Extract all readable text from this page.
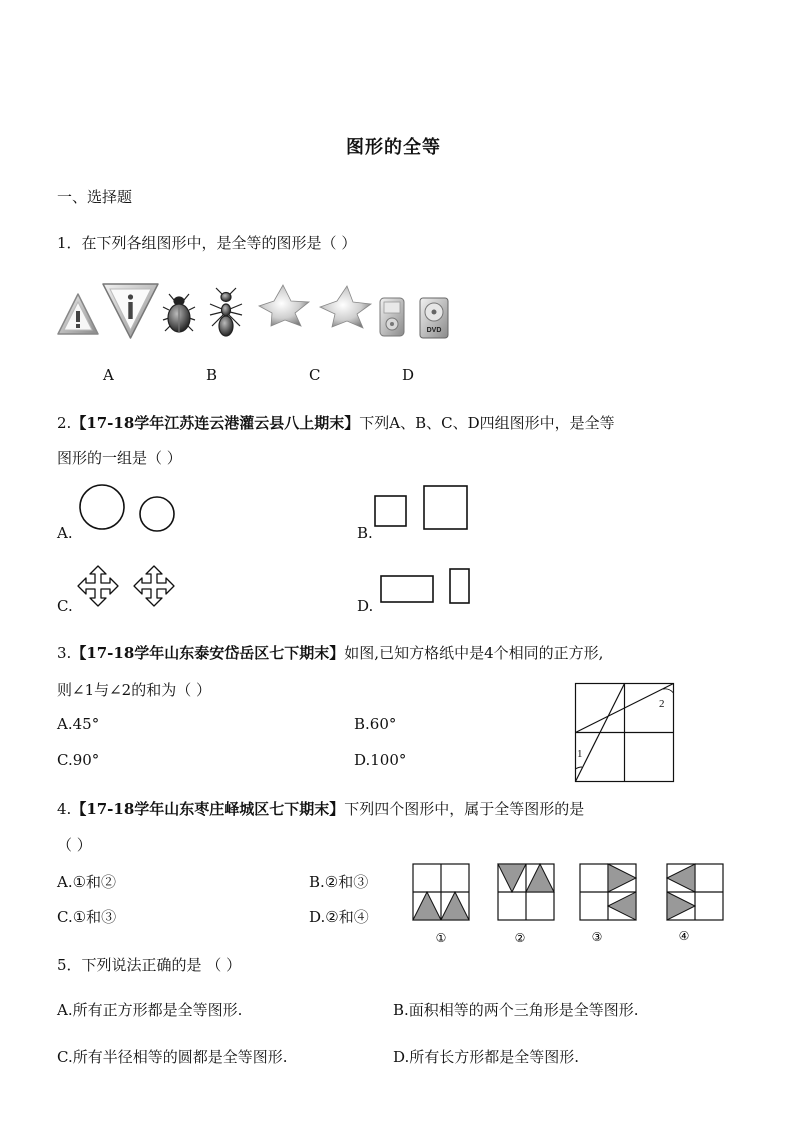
图形的全等
一、选择题
1．在下列各组图形中，是全等的图形是（ ）
DVD
A	B	C	D
2.【17-18学年江苏连云港灌云县八上期末】下列A、B、C、D四组图形中，是全等
图形的一组是（ ）
A.	B.
C.	D.
3.【17-18学年山东泰安岱岳区七下期末】如图,已知方格纸中是4个相同的正方形,
则∠1与∠2的和为（ ）
A.45°	B.60°
C.90°	D.100°	1
2
4.【17-18学年山东枣庄峄城区七下期末】下列四个图形中，属于全等图形的是
（ ）
A.①和②	B.②和③
C.①和③	D.②和④
①	②	③	④
5．下列说法正确的是 （ ）
A.所有正方形都是全等图形.	B.面积相等的两个三角形是全等图形.
C.所有半径相等的圆都是全等图形.	D.所有长方形都是全等图形.
